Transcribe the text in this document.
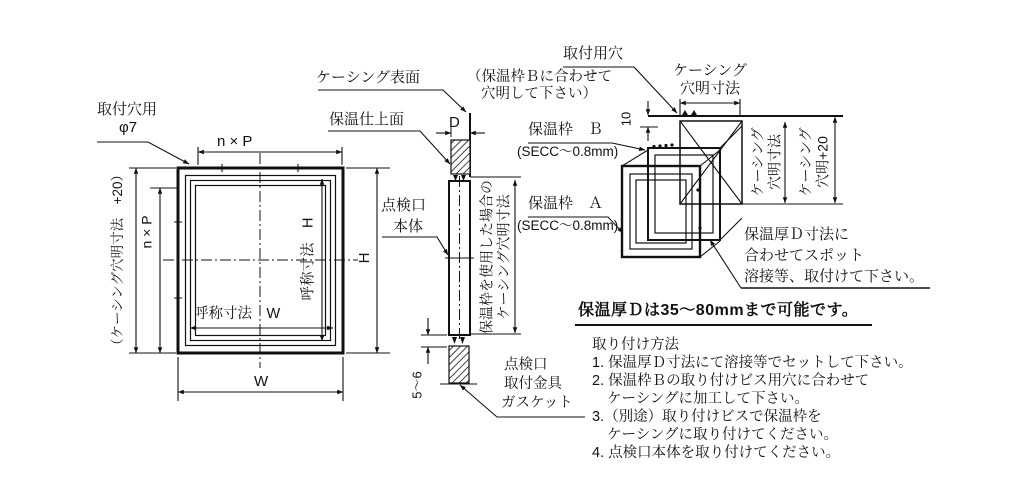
取付穴用
φ7
n × P
（ケーシング穴明寸法　+20） n × P
呼称寸法　W
呼称寸法　H	H
W
ケーシング表面
保温仕上面	D
点検口
本体	保温枠を使用した場合の ケーシング穴明寸法
5～6
点検口
取付金具
ガスケット
取付用穴
（保温枠Ｂに合わせて
穴明して下さい）
ケーシング
穴明寸法
10
保温枠　Ｂ
(SECC～0.8mm)
保温枠　Ａ
(SECC～0.8mm)
ケーシング 穴明寸法 ケーシング 穴明+20
保温厚Ｄ寸法に
合わせてスポット
溶接等、取付けて下さい。
保温厚Ｄは35～80mmまで可能です。
取り付け方法
1. 保温厚Ｄ寸法にて溶接等でセットして下さい。
2. 保温枠Ｂの取り付けビス用穴に合わせて
ケーシングに加工して下さい。
3.（別途）取り付けビスで保温枠を
ケーシングに取り付けてください。
4. 点検口本体を取り付けてください。
